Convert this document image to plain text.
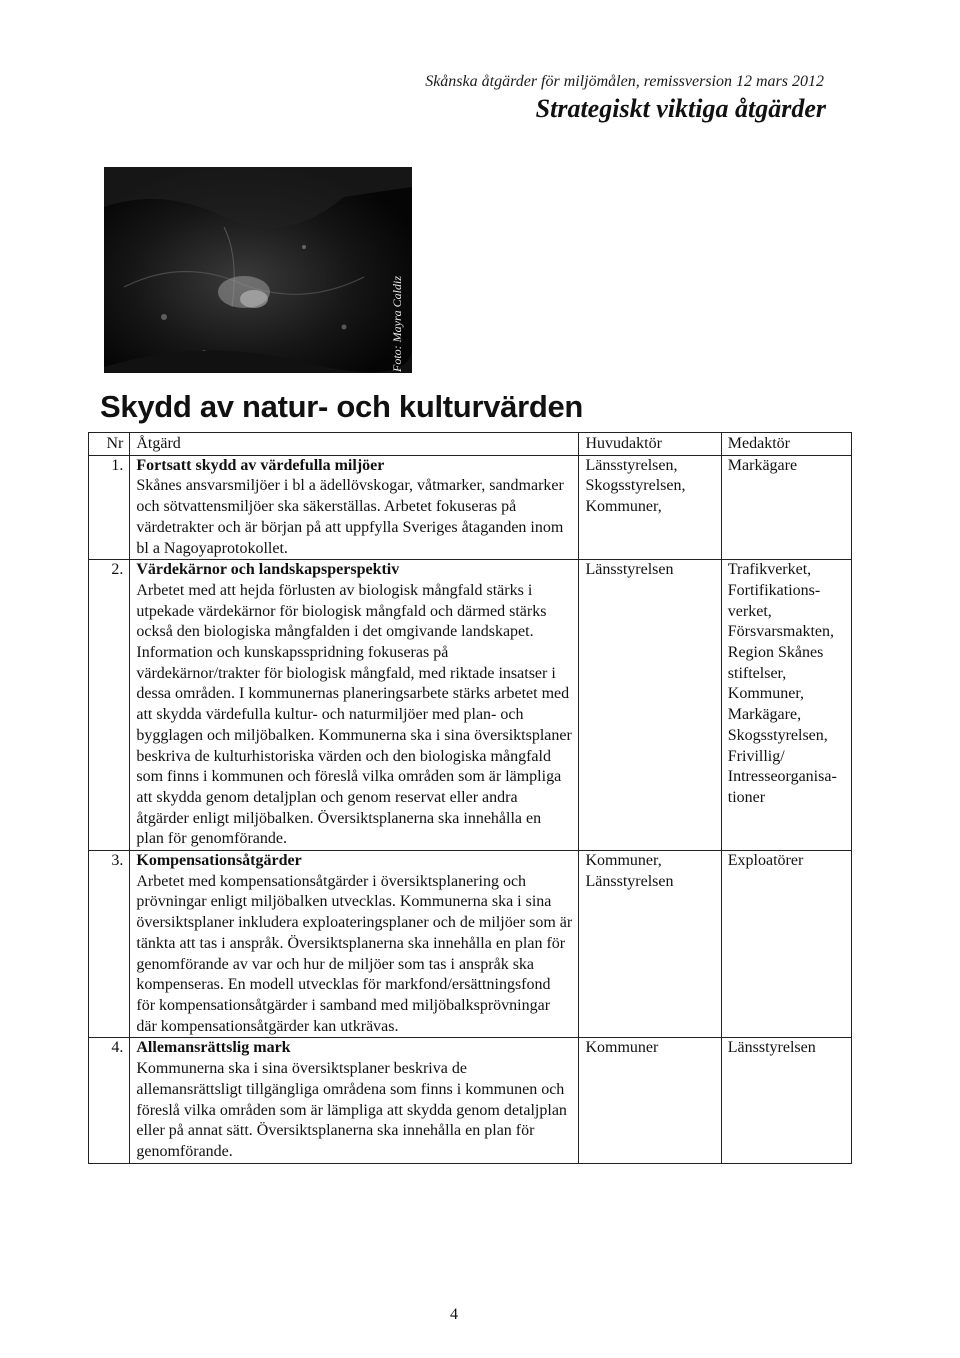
Skånska åtgärder för miljömålen, remissversion 12 mars 2012
Strategiskt viktiga åtgärder
Foto: Mayra Caldiz
Skydd av natur- och kulturvärden
Nr	Åtgärd	Huvudaktör	Medaktör
1.	Fortsatt skydd av värdefulla miljöer
Skånes ansvarsmiljöer i bl a ädellövskogar, våtmarker, sandmarker och sötvattensmiljöer ska säkerställas. Arbetet fokuseras på värdetrakter och är början på att uppfylla Sveriges åtaganden inom bl a Nagoyaprotokollet.	Länsstyrelsen, Skogsstyrelsen, Kommuner,	Markägare
2.	Värdekärnor och landskapsperspektiv
Arbetet med att hejda förlusten av biologisk mångfald stärks i utpekade värdekärnor för biologisk mångfald och därmed stärks också den biologiska mångfalden i det omgivande landskapet. Information och kunskapsspridning fokuseras på värdekärnor/trakter för biologisk mångfald, med riktade insatser i dessa områden. I kommunernas planeringsarbete stärks arbetet med att skydda värdefulla kultur- och naturmiljöer med plan- och bygglagen och miljöbalken. Kommunerna ska i sina översiktsplaner beskriva de kulturhistoriska värden och den biologiska mångfald som finns i kommunen och föreslå vilka områden som är lämpliga att skydda genom detaljplan och genom reservat eller andra åtgärder enligt miljöbalken. Översiktsplanerna ska innehålla en plan för genomförande.	Länsstyrelsen	Trafikverket, Fortifikations-verket, Försvarsmakten, Region Skånes stiftelser, Kommuner, Markägare, Skogsstyrelsen, Frivillig/ Intresseorganisa-tioner
3.	Kompensationsåtgärder
Arbetet med kompensationsåtgärder i översiktsplanering och prövningar enligt miljöbalken utvecklas. Kommunerna ska i sina översiktsplaner inkludera exploateringsplaner och de miljöer som är tänkta att tas i anspråk. Översiktsplanerna ska innehålla en plan för genomförande av var och hur de miljöer som tas i anspråk ska kompenseras. En modell utvecklas för markfond/ersättningsfond för kompensationsåtgärder i samband med miljöbalksprövningar där kompensationsåtgärder kan utkrävas.	Kommuner, Länsstyrelsen	Exploatörer
4.	Allemansrättslig mark
Kommunerna ska i sina översiktsplaner beskriva de allemansrättsligt tillgängliga områdena som finns i kommunen och föreslå vilka områden som är lämpliga att skydda genom detaljplan eller på annat sätt. Översiktsplanerna ska innehålla en plan för genomförande.	Kommuner	Länsstyrelsen
4
